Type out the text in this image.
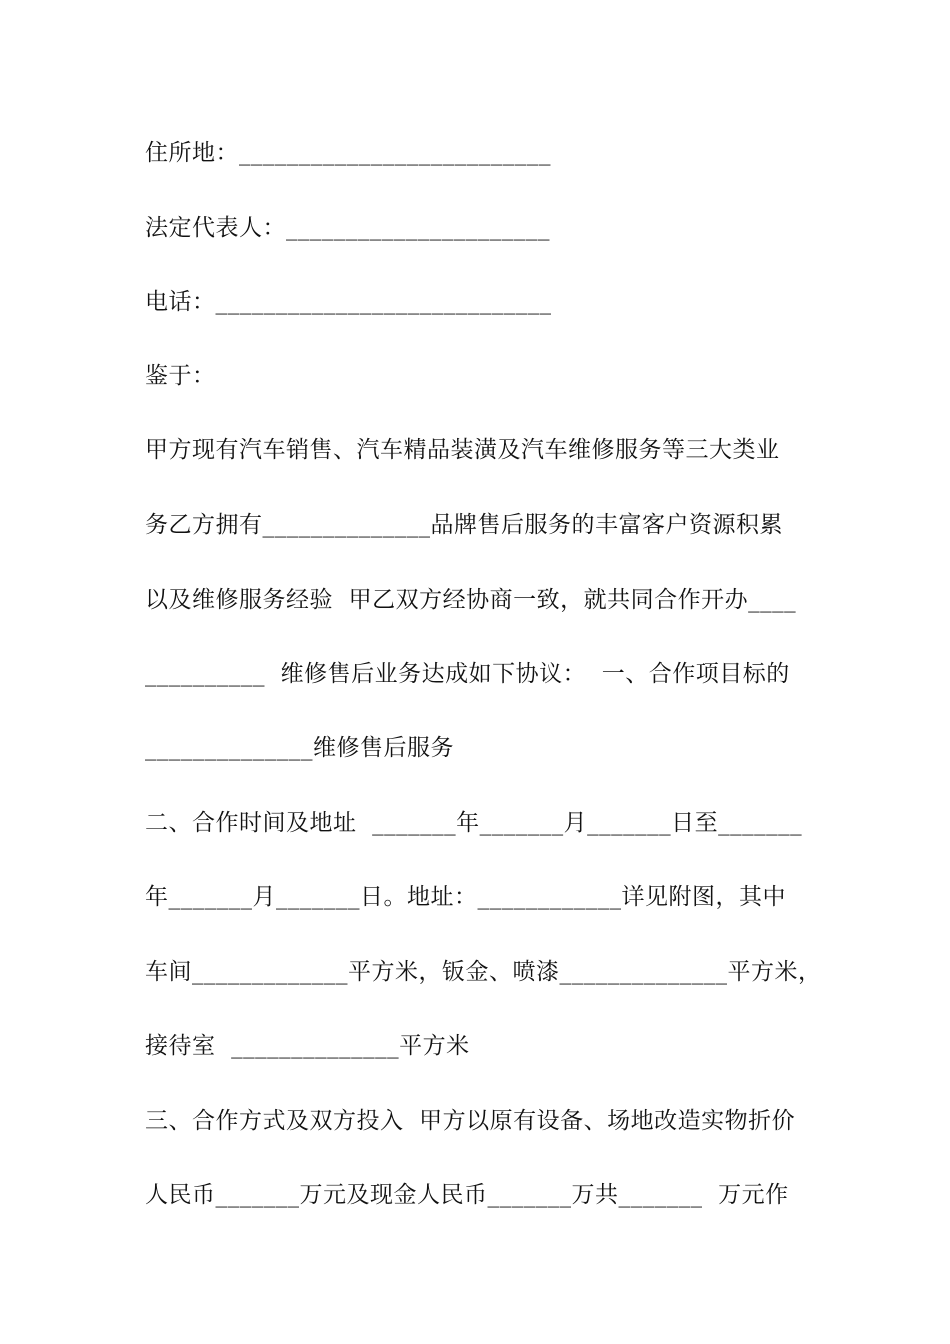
住所地：__________________________
法定代表人：______________________
电话：____________________________
鉴于：
甲方现有汽车销售、汽车精品装潢及汽车维修服务等三大类业
务乙方拥有______________品牌售后服务的丰富客户资源积累
以及维修服务经验  甲乙双方经协商一致，就共同合作开办____
__________  维修售后业务达成如下协议：  一、合作项目标的
______________维修售后服务
二、合作时间及地址  _______年_______月_______日至_______
年_______月_______日。地址：____________详见附图，其中
车间_____________平方米，钣金、喷漆______________平方米，
接待室  ______________平方米
三、合作方式及双方投入  甲方以原有设备、场地改造实物折价
人民币_______万元及现金人民币_______万共_______  万元作
